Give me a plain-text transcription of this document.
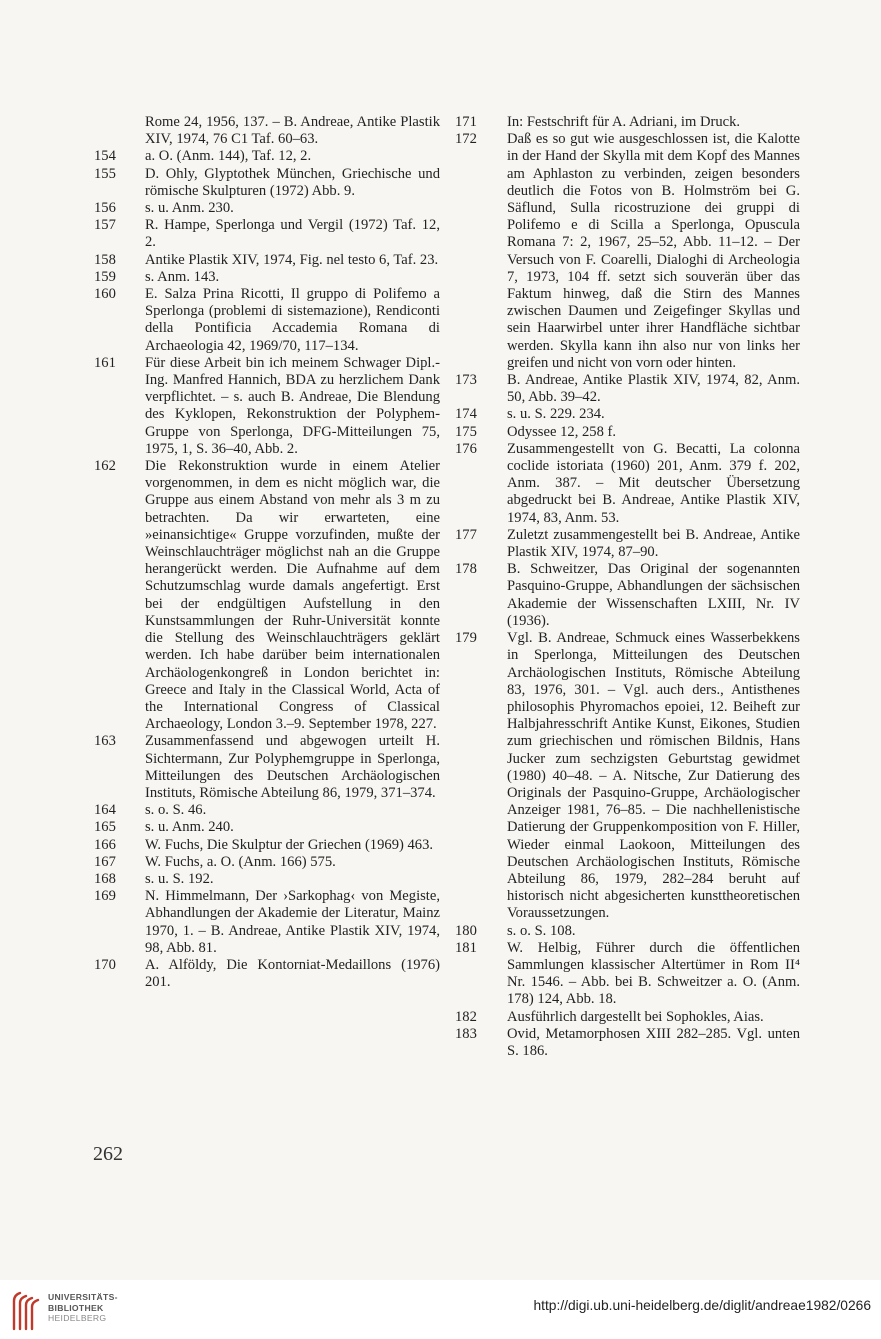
Rome 24, 1956, 137. – B. Andreae, Antike Plastik XIV, 1974, 76 C1 Taf. 60–63.
154 a. O. (Anm. 144), Taf. 12, 2.
155 D. Ohly, Glyptothek München, Griechische und römische Skulpturen (1972) Abb. 9.
156 s. u. Anm. 230.
157 R. Hampe, Sperlonga und Vergil (1972) Taf. 12, 2.
158 Antike Plastik XIV, 1974, Fig. nel testo 6, Taf. 23.
159 s. Anm. 143.
160 E. Salza Prina Ricotti, Il gruppo di Polifemo a Sperlonga (problemi di sistemazione), Rendiconti della Pontificia Accademia Romana di Archaeologia 42, 1969/70, 117–134.
161 Für diese Arbeit bin ich meinem Schwager Dipl.-Ing. Manfred Hannich, BDA zu herzlichem Dank verpflichtet. – s. auch B. Andreae, Die Blendung des Kyklopen, Rekonstruktion der Polyphem-Gruppe von Sperlonga, DFG-Mitteilungen 75, 1975, 1, S. 36–40, Abb. 2.
162 Die Rekonstruktion wurde in einem Atelier vorgenommen, in dem es nicht möglich war, die Gruppe aus einem Abstand von mehr als 3 m zu betrachten. Da wir erwarteten, eine »einansichtige« Gruppe vorzufinden, mußte der Weinschlauchträger möglichst nah an die Gruppe herangerückt werden. Die Aufnahme auf dem Schutzumschlag wurde damals angefertigt. Erst bei der endgültigen Aufstellung in den Kunstsammlungen der Ruhr-Universität konnte die Stellung des Weinschlauchträgers geklärt werden. Ich habe darüber beim internationalen Archäologenkongreß in London berichtet in: Greece and Italy in the Classical World, Acta of the International Congress of Classical Archaeology, London 3.–9. September 1978, 227.
163 Zusammenfassend und abgewogen urteilt H. Sichtermann, Zur Polyphemgruppe in Sperlonga, Mitteilungen des Deutschen Archäologischen Instituts, Römische Abteilung 86, 1979, 371–374.
164 s. o. S. 46.
165 s. u. Anm. 240.
166 W. Fuchs, Die Skulptur der Griechen (1969) 463.
167 W. Fuchs, a. O. (Anm. 166) 575.
168 s. u. S. 192.
169 N. Himmelmann, Der ›Sarkophag‹ von Megiste, Abhandlungen der Akademie der Literatur, Mainz 1970, 1. – B. Andreae, Antike Plastik XIV, 1974, 98, Abb. 81.
170 A. Alföldy, Die Kontorniat-Medaillons (1976) 201.
171 In: Festschrift für A. Adriani, im Druck.
172 Daß es so gut wie ausgeschlossen ist, die Kalotte in der Hand der Skylla mit dem Kopf des Mannes am Aphlaston zu verbinden, zeigen besonders deutlich die Fotos von B. Holmström bei G. Säflund, Sulla ricostruzione dei gruppi di Polifemo e di Scilla a Sperlonga, Opuscula Romana 7: 2, 1967, 25–52, Abb. 11–12. – Der Versuch von F. Coarelli, Dialoghi di Archeologia 7, 1973, 104 ff. setzt sich souverän über das Faktum hinweg, daß die Stirn des Mannes zwischen Daumen und Zeigefinger Skyllas und sein Haarwirbel unter ihrer Handfläche sichtbar werden. Skylla kann ihn also nur von links her greifen und nicht von vorn oder hinten.
173 B. Andreae, Antike Plastik XIV, 1974, 82, Anm. 50, Abb. 39–42.
174 s. u. S. 229. 234.
175 Odyssee 12, 258 f.
176 Zusammengestellt von G. Becatti, La colonna coclide istoriata (1960) 201, Anm. 379 f. 202, Anm. 387. – Mit deutscher Übersetzung abgedruckt bei B. Andreae, Antike Plastik XIV, 1974, 83, Anm. 53.
177 Zuletzt zusammengestellt bei B. Andreae, Antike Plastik XIV, 1974, 87–90.
178 B. Schweitzer, Das Original der sogenannten Pasquino-Gruppe, Abhandlungen der sächsischen Akademie der Wissenschaften LXIII, Nr. IV (1936).
179 Vgl. B. Andreae, Schmuck eines Wasserbekkens in Sperlonga, Mitteilungen des Deutschen Archäologischen Instituts, Römische Abteilung 83, 1976, 301. – Vgl. auch ders., Antisthenes philosophis Phyromachos epoiei, 12. Beiheft zur Halbjahresschrift Antike Kunst, Eikones, Studien zum griechischen und römischen Bildnis, Hans Jucker zum sechzigsten Geburtstag gewidmet (1980) 40–48. – A. Nitsche, Zur Datierung des Originals der Pasquino-Gruppe, Archäologischer Anzeiger 1981, 76–85. – Die nachhellenistische Datierung der Gruppenkomposition von F. Hiller, Wieder einmal Laokoon, Mitteilungen des Deutschen Archäologischen Instituts, Römische Abteilung 86, 1979, 282–284 beruht auf historisch nicht abgesicherten kunsttheoretischen Voraussetzungen.
180 s. o. S. 108.
181 W. Helbig, Führer durch die öffentlichen Sammlungen klassischer Altertümer in Rom II⁴ Nr. 1546. – Abb. bei B. Schweitzer a. O. (Anm. 178) 124, Abb. 18.
182 Ausführlich dargestellt bei Sophokles, Aias.
183 Ovid, Metamorphosen XIII 282–285. Vgl. unten S. 186.
262
UNIVERSITÄTS-
BIBLIOTHEK
HEIDELBERG
http://digi.ub.uni-heidelberg.de/diglit/andreae1982/0266
